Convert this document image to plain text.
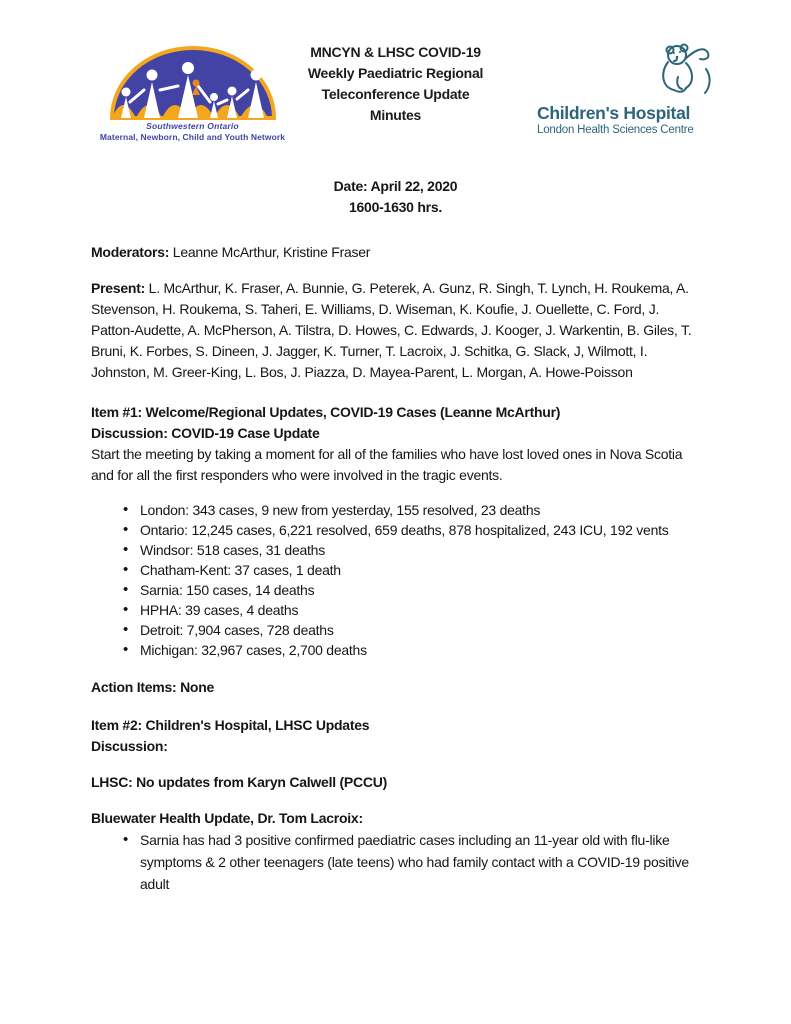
Southwestern Ontario
Maternal, Newborn, Child and Youth Network
MNCYN & LHSC COVID-19
Weekly Paediatric Regional
Teleconference Update
Minutes	Children's Hospital
London Health Sciences Centre
Date: April 22, 2020
1600-1630 hrs.

Moderators: Leanne McArthur, Kristine Fraser

Present: L. McArthur, K. Fraser, A. Bunnie, G. Peterek, A. Gunz, R. Singh, T. Lynch, H. Roukema, A. Stevenson, H. Roukema, S. Taheri, E. Williams, D. Wiseman, K. Koufie, J. Ouellette, C. Ford, J. Patton-Audette, A. McPherson, A. Tilstra, D. Howes, C. Edwards, J. Kooger, J. Warkentin, B. Giles, T. Bruni, K. Forbes, S. Dineen, J. Jagger, K. Turner, T. Lacroix, J. Schitka, G. Slack, J, Wilmott, I. Johnston, M. Greer-King, L. Bos, J. Piazza, D. Mayea-Parent, L. Morgan, A. Howe-Poisson

Item #1: Welcome/Regional Updates, COVID-19 Cases (Leanne McArthur)

Discussion: COVID-19 Case Update

Start the meeting by taking a moment for all of the families who have lost loved ones in Nova Scotia and for all the first responders who were involved in the tragic events.

• London: 343 cases, 9 new from yesterday, 155 resolved, 23 deaths
• Ontario: 12,245 cases, 6,221 resolved, 659 deaths, 878 hospitalized, 243 ICU, 192 vents
• Windsor: 518 cases, 31 deaths
• Chatham-Kent: 37 cases, 1 death
• Sarnia: 150 cases, 14 deaths
• HPHA: 39 cases, 4 deaths
• Detroit: 7,904 cases, 728 deaths
• Michigan: 32,967 cases, 2,700 deaths

Action Items: None

Item #2: Children's Hospital, LHSC Updates

Discussion:

LHSC: No updates from Karyn Calwell (PCCU)

Bluewater Health Update, Dr. Tom Lacroix:

• Sarnia has had 3 positive confirmed paediatric cases including an 11-year old with flu-like symptoms & 2 other teenagers (late teens) who had family contact with a COVID-19 positive adult
